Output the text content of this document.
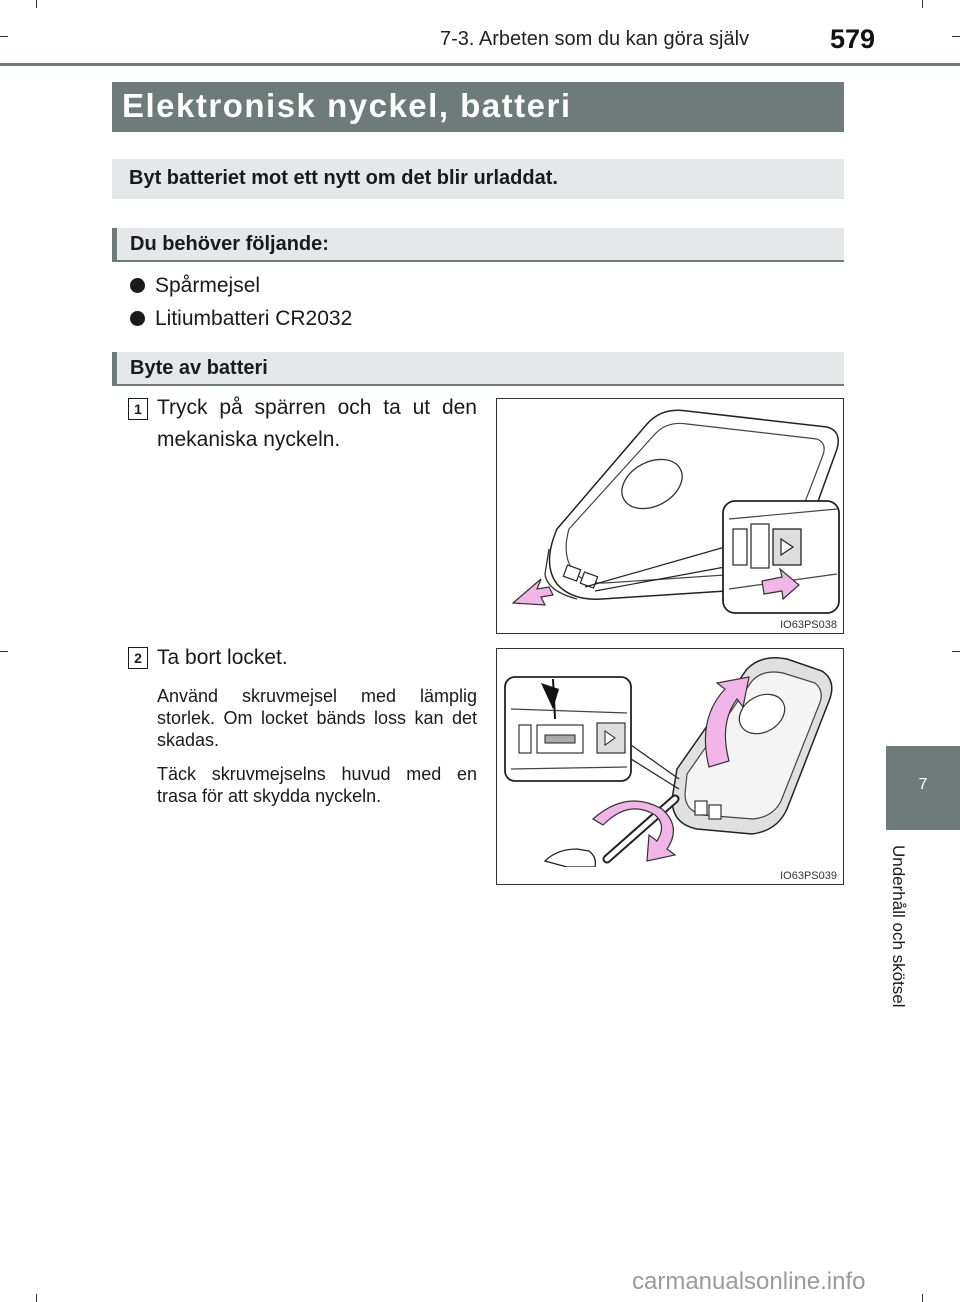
7-3. Arbeten som du kan göra själv	579
Elektronisk nyckel, batteri
Byt batteriet mot ett nytt om det blir urladdat.
Du behöver följande:
Spårmejsel
Litiumbatteri CR2032
Byte av batteri
1 Tryck på spärren och ta ut den mekaniska nyckeln.
IO63PS038
2 Ta bort locket.
Använd skruvmejsel med lämplig storlek. Om locket bänds loss kan det skadas.
Täck skruvmejselns huvud med en trasa för att skydda nyckeln.
IO63PS039
7
Underhåll och skötsel
carmanualsonline.info
